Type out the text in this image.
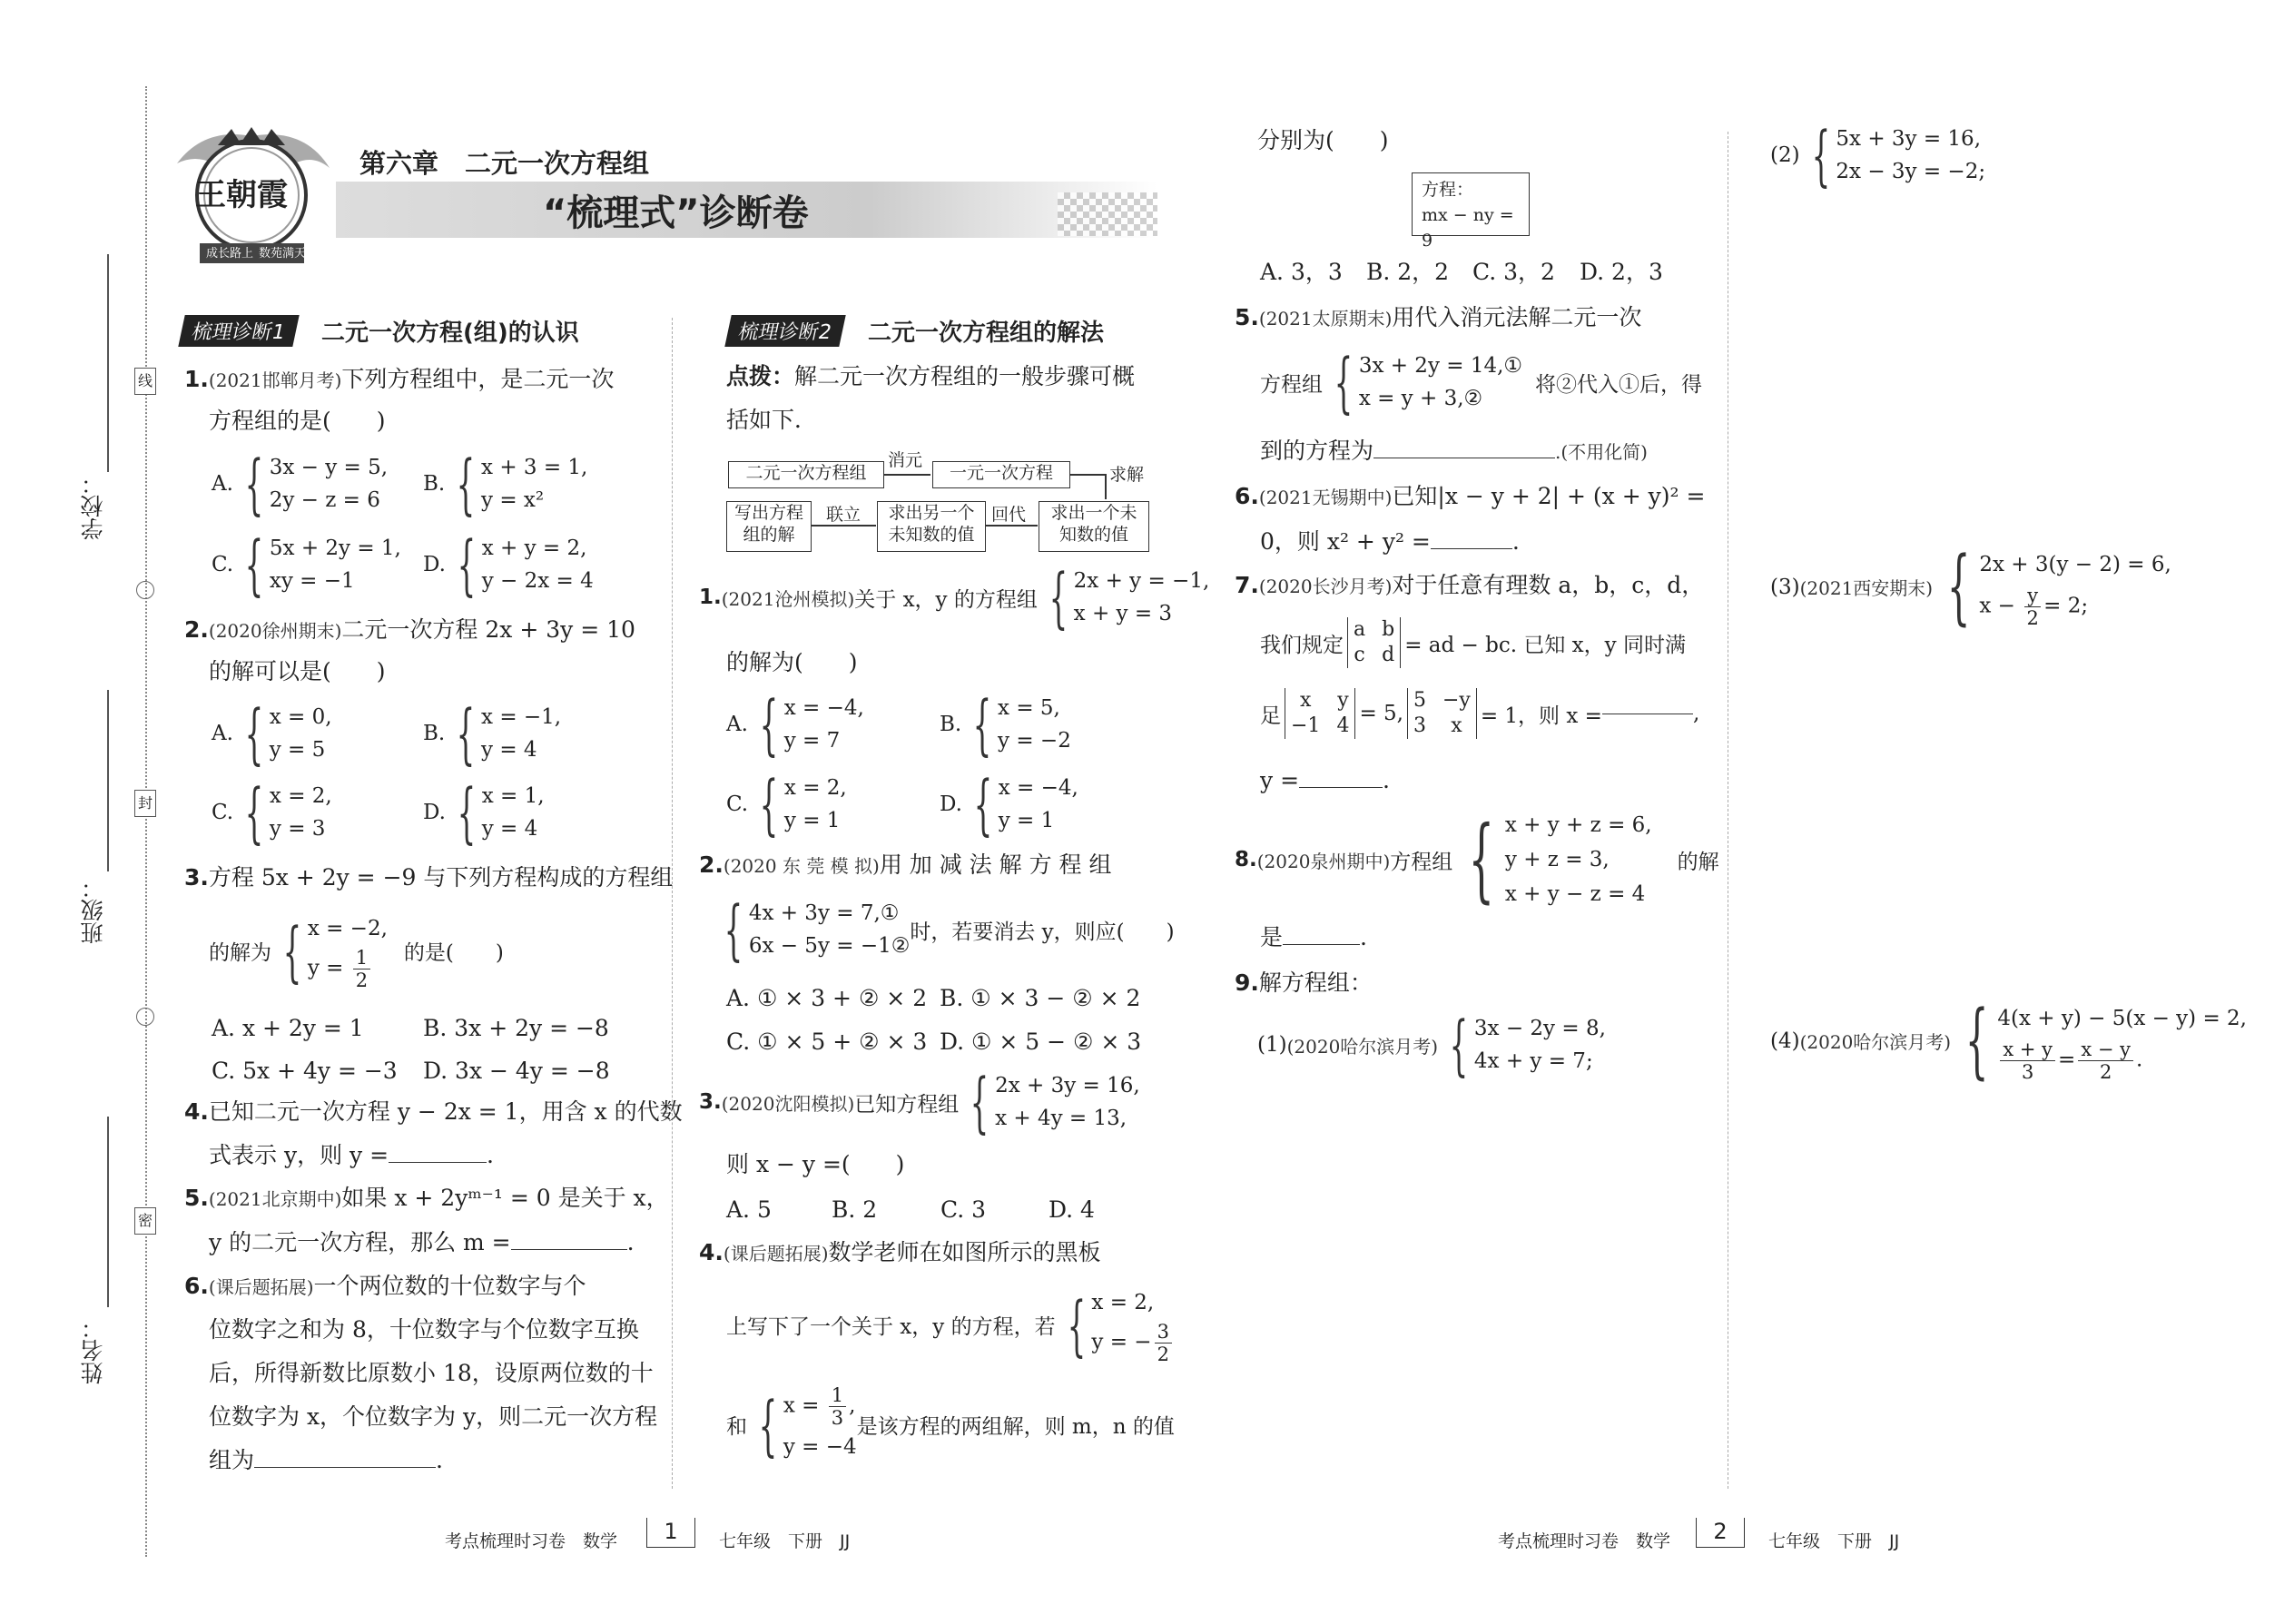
学校：
班级：
姓名：
线
封
密
王朝霞
成长路上 数苑满天
第六章　二元一次方程组
“梳理式”诊断卷
梳理诊断1	二元一次方程(组)的认识
1.(2021邯郸月考)下列方程组中，是二元一次
方程组的是(　　)
A. { 3x − y = 5,
2y − z = 6
B. { x + 3 = 1,
y = x²
C. { 5x + 2y = 1,
xy = −1
D. { x + y = 2,
y − 2x = 4
2.(2020徐州期末)二元一次方程 2x + 3y = 10
的解可以是(　　)
A. { x = 0,
y = 5
B. { x = −1,
y = 4
C. { x = 2,
y = 3
D. { x = 1,
y = 4
3.方程 5x + 2y = −9 与下列方程构成的方程组
的解为 { x = −2,
$y = \frac{1}{2}$ 的是(　　)
A. x + 2y = 1	B. 3x + 2y = −8
C. 5x + 4y = −3 D. 3x − 4y = −8
4.已知二元一次方程 y − 2x = 1，用含 x 的代数
式表示 y，则 y =	.
5.(2021北京期中)如果 x + 2yᵐ⁻¹ = 0 是关于 x，
y 的二元一次方程，那么 m =	.
6.(课后题拓展)一个两位数的十位数字与个
位数字之和为 8，十位数字与个位数字互换
后，所得新数比原数小 18，设原两位数的十
位数字为 x，个位数字为 y，则二元一次方程
组为	.
梳理诊断2	二元一次方程组的解法
点拨：解二元一次方程组的一般步骤可概
括如下．
二元一次方程组
消元
一元一次方程	求解
写出方程
组的解
联立	求出另一个
未知数的值
回代	求出一个未
知数的值
1. (2021沧州模拟) 关于 x，y 的方程组 { 2x + y = −1,
x + y = 3
的解为(　　)
A. { x = −4,
y = 7
B. { x = 5,
y = −2
C. { x = 2,
y = 1
D. { x = −4,
y = 1
2.(2020 东 莞 模 拟)用 加 减 法 解 方 程 组
{ 4x + 3y = 7,①
6x − 5y = −1②
时，若要消去 y，则应(　　)
A. ① × 3 + ② × 2 B. ① × 3 − ② × 2
C. ① × 5 + ② × 3 D. ① × 5 − ② × 3
3. (2020沈阳模拟) 已知方程组 { 2x + 3y = 16,
x + 4y = 13,
则 x − y =(　　)
A. 5	B. 2	C. 3	D. 4
4.(课后题拓展)数学老师在如图所示的黑板
上写下了一个关于 x，y 的方程，若 { x = 2,
y = − $\frac{3}{2}$
和 { $x = \frac{1}{3}$ ,
y = −4
是该方程的两组解，则 m，n 的值
分别为(　　)
方程：
mx − ny = 9
A. 3，3 B. 2，2 C. 3，2 D. 2，3
5.(2021太原期末)用代入消元法解二元一次
方程组 { 3x + 2y = 14,①
x = y + 3,②
将②代入①后，得
到的方程为	.(不用化简)
6.(2021无锡期中)已知|x − y + 2| + (x + y)² =
0，则 x² + y² =	.
7.(2020长沙月考)对于任意有理数 a，b，c，d，
我们规定
a b
c d = ad − bc. 已知 x，y 同时满
足
x	y
−1 4
= 5,
5 −y
3	x = 1，则 x =	,
y =	.
8. (2020泉州期中) 方程组 { x + y + z = 6,
y + z = 3,
x + y − z = 4
的解
是	.
9.解方程组：
(1) (2020哈尔滨月考) { 3x − 2y = 8,
4x + y = 7;
(2) { 5x + 3y = 16,
2x − 3y = −2;
(3) (2021西安期末) { 2x + 3(y − 2) = 6,
$x - \frac{y}{2} = 2$;
(4) (2020哈尔滨月考) { 4(x + y) − 5(x − y) = 2,
$\frac{x + y}{3} = \frac{x - y}{2}$ .
考点梳理时习卷　数学	1	七年级　下册　JJ	考点梳理时习卷　数学	2	七年级　下册　JJ
